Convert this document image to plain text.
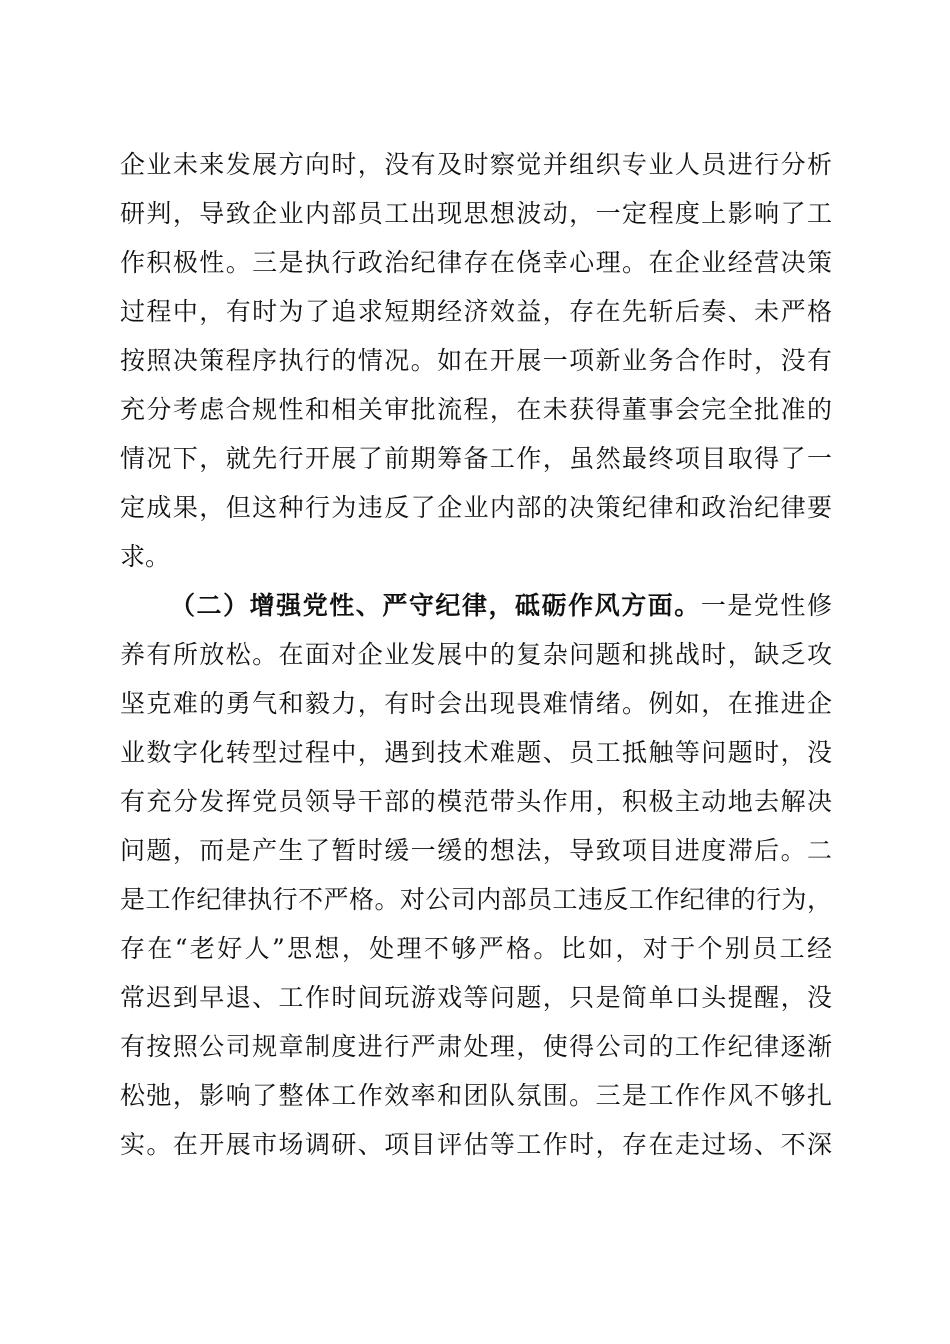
企业未来发展方向时，没有及时察觉并组织专业人员进行分析
研判，导致企业内部员工出现思想波动，一定程度上影响了工
作积极性。三是执行政治纪律存在侥幸心理。在企业经营决策
过程中，有时为了追求短期经济效益，存在先斩后奏、未严格
按照决策程序执行的情况。如在开展一项新业务合作时，没有
充分考虑合规性和相关审批流程，在未获得董事会完全批准的
情况下，就先行开展了前期筹备工作，虽然最终项目取得了一
定成果，但这种行为违反了企业内部的决策纪律和政治纪律要
求。
（二）增强党性、严守纪律，砥砺作风方面。一是党性修
养有所放松。在面对企业发展中的复杂问题和挑战时，缺乏攻
坚克难的勇气和毅力，有时会出现畏难情绪。例如，在推进企
业数字化转型过程中，遇到技术难题、员工抵触等问题时，没
有充分发挥党员领导干部的模范带头作用，积极主动地去解决
问题，而是产生了暂时缓一缓的想法，导致项目进度滞后。二
是工作纪律执行不严格。对公司内部员工违反工作纪律的行为，
存在“老好人”思想，处理不够严格。比如，对于个别员工经
常迟到早退、工作时间玩游戏等问题，只是简单口头提醒，没
有按照公司规章制度进行严肃处理，使得公司的工作纪律逐渐
松弛，影响了整体工作效率和团队氛围。三是工作作风不够扎
实。在开展市场调研、项目评估等工作时，存在走过场、不深
